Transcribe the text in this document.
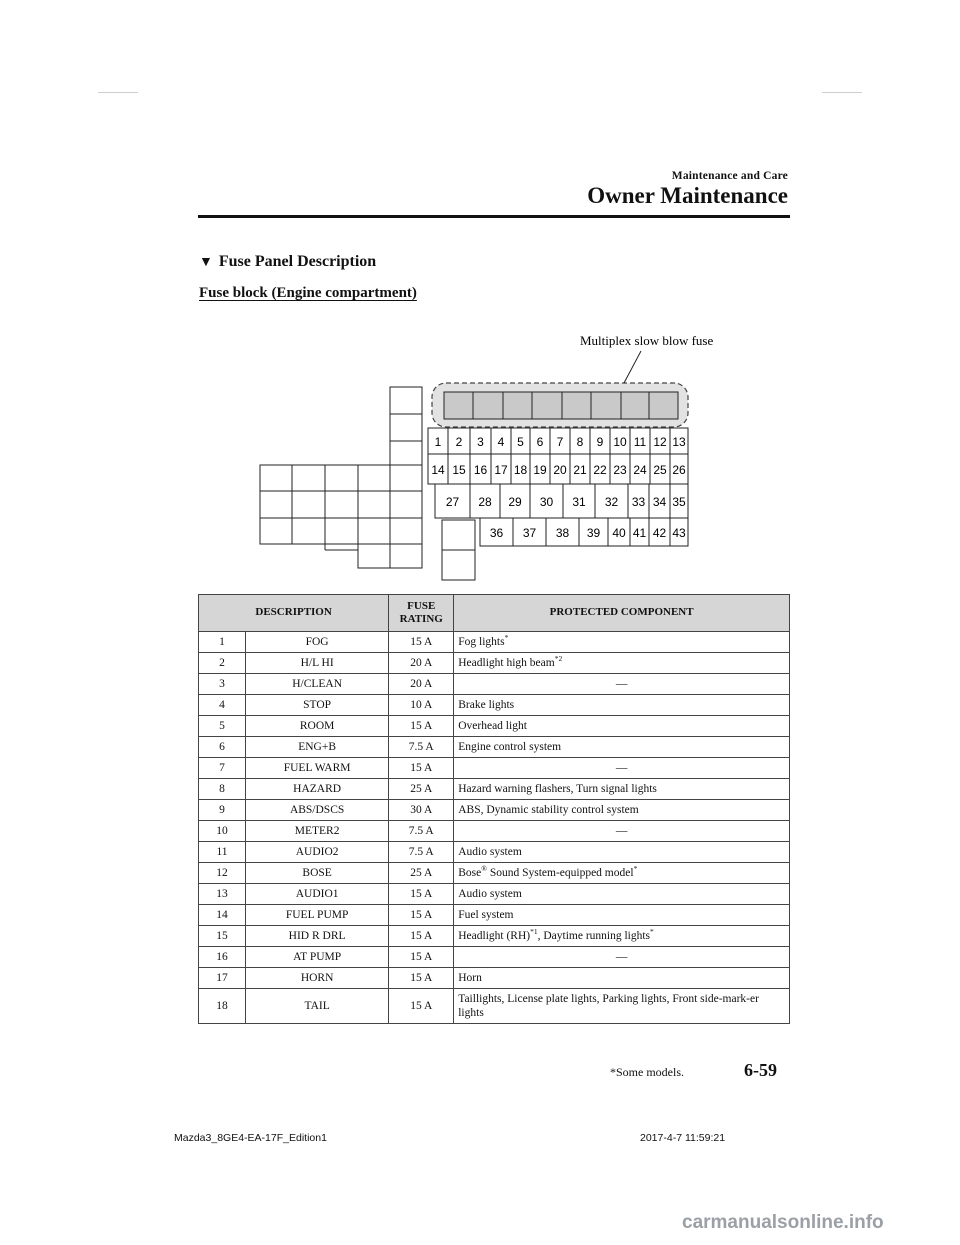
Maintenance and Care
Owner Maintenance
▼ Fuse Panel Description
Fuse block (Engine compartment)
Multiplex slow blow fuse
1 2 3 4 5 6 7 8 9 10 11 12 13
14 15 16 17 18 19 20 21 22 23 24 25 26
27 28 29 30 31 32 33 34 35
36 37 38 39 40 41 42 43
DESCRIPTION		FUSE
RATING	PROTECTED COMPONENT
1	FOG	15 A	Fog lights*
2	H/L HI	20 A	Headlight high beam$^{*2}$
3	H/CLEAN	20 A	―
4	STOP	10 A	Brake lights
5	ROOM	15 A	Overhead light
6	ENG+B	7.5 A	Engine control system
7	FUEL WARM	15 A	―
8	HAZARD	25 A	Hazard warning flashers, Turn signal lights
9	ABS/DSCS	30 A	ABS, Dynamic stability control system
10	METER2	7.5 A	―
11	AUDIO2	7.5 A	Audio system
12	BOSE	25 A	Bose® Sound System-equipped model*
13	AUDIO1	15 A	Audio system
14	FUEL PUMP	15 A	Fuel system
15	HID R DRL	15 A	Headlight (RH)$^{*1}$, Daytime running lights*
16	AT PUMP	15 A	―
17	HORN	15 A	Horn
18	TAIL	15 A	Taillights, License plate lights, Parking lights, Front side-mark-er lights
*Some models.	6-59
Mazda3_8GE4-EA-17F_Edition1	2017-4-7 11:59:21
carmanualsonline.info
